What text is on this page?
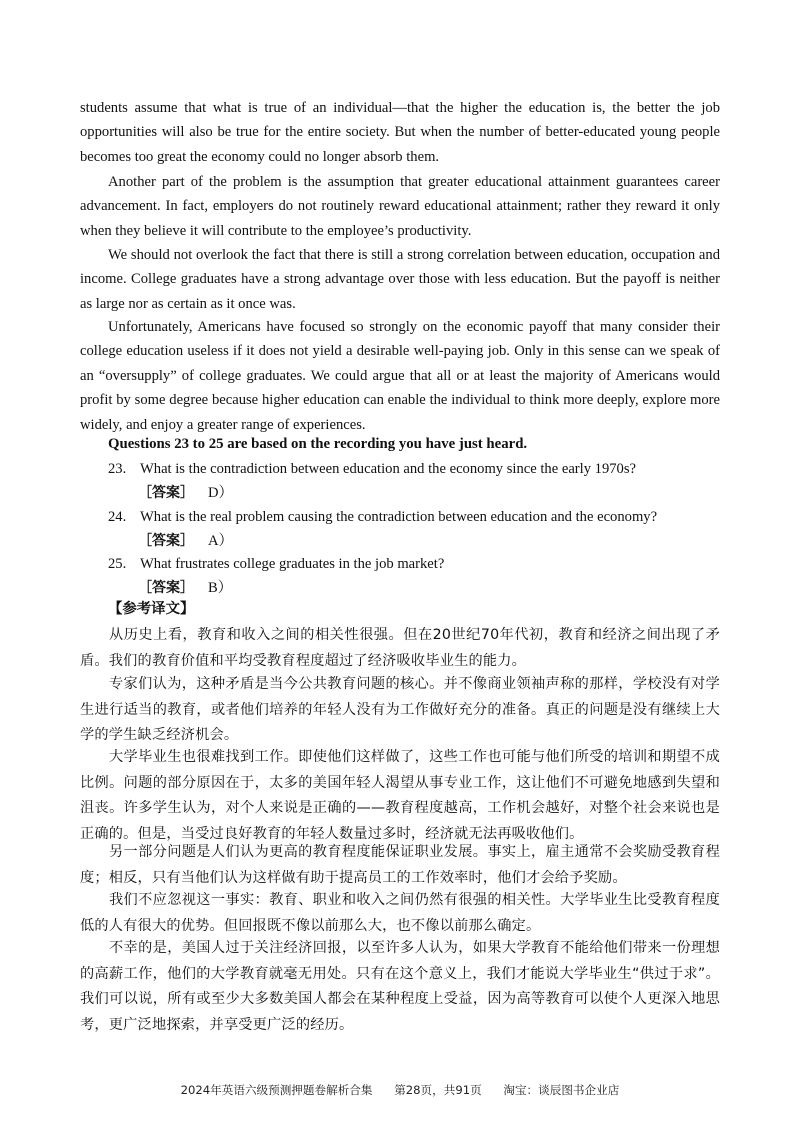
students assume that what is true of an individual—that the higher the education is, the better the job opportunities will also be true for the entire society. But when the number of better-educated young people becomes too great the economy could no longer absorb them.

Another part of the problem is the assumption that greater educational attainment guarantees career advancement. In fact, employers do not routinely reward educational attainment; rather they reward it only when they believe it will contribute to the employee’s productivity.

We should not overlook the fact that there is still a strong correlation between education, occupation and income. College graduates have a strong advantage over those with less education. But the payoff is neither as large nor as certain as it once was.

Unfortunately, Americans have focused so strongly on the economic payoff that many consider their college education useless if it does not yield a desirable well-paying job. Only in this sense can we speak of an “oversupply” of college graduates. We could argue that all or at least the majority of Americans would profit by some degree because higher education can enable the individual to think more deeply, explore more widely, and enjoy a greater range of experiences.

Questions 23 to 25 are based on the recording you have just heard.

23. What is the contradiction between education and the economy since the early 1970s?

［答案］ D）

24. What is the real problem causing the contradiction between education and the economy?

［答案］ A）

25. What frustrates college graduates in the job market?

［答案］ B）

【参考译文】

从历史上看，教育和收入之间的相关性很强。但在20世纪70年代初，教育和经济之间出现了矛盾。我们的教育价值和平均受教育程度超过了经济吸收毕业生的能力。

专家们认为，这种矛盾是当今公共教育问题的核心。并不像商业领袖声称的那样，学校没有对学生进行适当的教育，或者他们培养的年轻人没有为工作做好充分的准备。真正的问题是没有继续上大学的学生缺乏经济机会。

大学毕业生也很难找到工作。即使他们这样做了，这些工作也可能与他们所受的培训和期望不成比例。问题的部分原因在于，太多的美国年轻人渴望从事专业工作，这让他们不可避免地感到失望和沮丧。许多学生认为，对个人来说是正确的——教育程度越高，工作机会越好，对整个社会来说也是正确的。但是，当受过良好教育的年轻人数量过多时，经济就无法再吸收他们。

另一部分问题是人们认为更高的教育程度能保证职业发展。事实上，雇主通常不会奖励受教育程度；相反，只有当他们认为这样做有助于提高员工的工作效率时，他们才会给予奖励。

我们不应忽视这一事实：教育、职业和收入之间仍然有很强的相关性。大学毕业生比受教育程度低的人有很大的优势。但回报既不像以前那么大，也不像以前那么确定。

不幸的是，美国人过于关注经济回报，以至许多人认为，如果大学教育不能给他们带来一份理想的高薪工作，他们的大学教育就毫无用处。只有在这个意义上，我们才能说大学毕业生“供过于求”。我们可以说，所有或至少大多数美国人都会在某种程度上受益，因为高等教育可以使个人更深入地思考，更广泛地探索，并享受更广泛的经历。

2024年英语六级预测押题卷解析合集 第28页，共91页 淘宝：谈辰图书企业店
